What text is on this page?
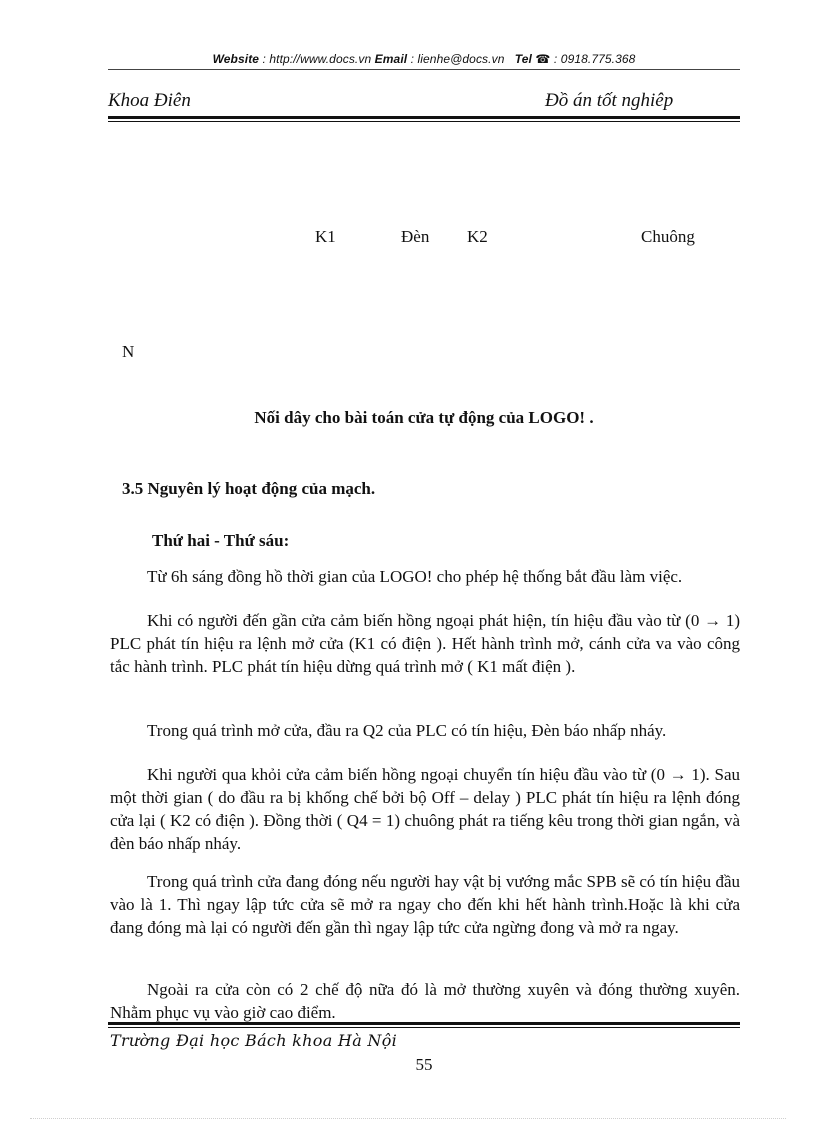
Website : http://www.docs.vn Email : lienhe@docs.vn Tel ☎ : 0918.775.368
Khoa Điên	Đồ án tốt nghiêp
K1	Đèn K2	Chuông
N
Nối dây cho bài toán cửa tự động của LOGO! .
3.5 Nguyên lý hoạt động của mạch.
Thứ hai - Thứ sáu:

Từ 6h sáng đồng hồ thời gian của LOGO! cho phép hệ thống bắt đầu làm việc.

Khi có người đến gần cửa cảm biến hồng ngoại phát hiện, tín hiệu đầu vào từ (0 → 1) PLC phát tín hiệu ra lệnh mở cửa (K1 có điện ). Hết hành trình mở, cánh cửa va vào công tắc hành trình. PLC phát tín hiệu dừng quá trình mở ( K1 mất điện ).

Trong quá trình mở cửa, đầu ra Q2 của PLC có tín hiệu, Đèn báo nhấp nháy.

Khi người qua khỏi cửa cảm biến hồng ngoại chuyển tín hiệu đầu vào từ (0 → 1). Sau một thời gian ( do đầu ra bị khống chế bởi bộ Off – delay ) PLC phát tín hiệu ra lệnh đóng cửa lại ( K2 có điện ). Đồng thời ( Q4 = 1) chuông phát ra tiếng kêu trong thời gian ngắn, và đèn báo nhấp nháy.

Trong quá trình cửa đang đóng nếu người hay vật bị vướng mắc SPB sẽ có tín hiệu đầu vào là 1. Thì ngay lập tức cửa sẽ mở ra ngay cho đến khi hết hành trình.Hoặc là khi cửa đang đóng mà lại có người đến gần thì ngay lập tức cửa ngừng đong và mở ra ngay.

Ngoài ra cửa còn có 2 chế độ nữa đó là mở thường xuyên và đóng thường xuyên. Nhằm phục vụ vào giờ cao điểm.

Trường Đại học Bách khoa Hà Nội
55
